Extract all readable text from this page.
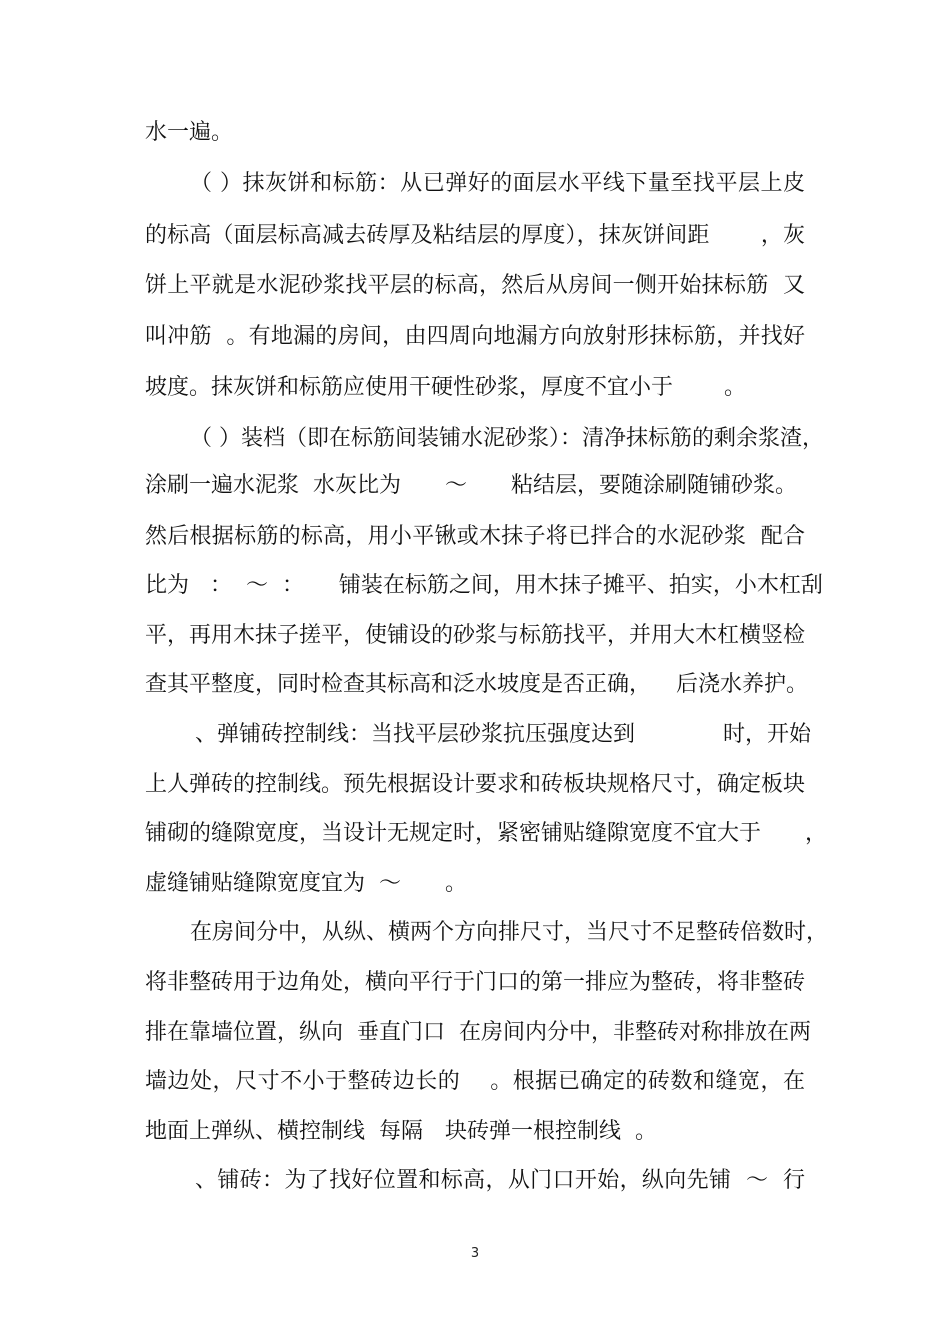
水一遍。
（ ）抹灰饼和标筋：从已弹好的面层水平线下量至找平层上皮
的标高（面层标高减去砖厚及粘结层的厚度），抹灰饼间距　　 ，灰
饼上平就是水泥砂浆找平层的标高，然后从房间一侧开始抹标筋  又
叫冲筋  。有地漏的房间，由四周向地漏方向放射形抹标筋，并找好
坡度。抹灰饼和标筋应使用干硬性砂浆，厚度不宜小于　　 。
（ ）装档（即在标筋间装铺水泥砂浆）：清净抹标筋的剩余浆渣，
涂刷一遍水泥浆  水灰比为　　～　　粘结层，要随涂刷随铺砂浆。
然后根据标筋的标高，用小平锹或木抹子将已拌合的水泥砂浆  配合
比为   ：  ～  ：     铺装在标筋之间，用木抹子摊平、拍实，小木杠刮
平，再用木抹子搓平，使铺设的砂浆与标筋找平，并用大木杠横竖检
查其平整度，同时检查其标高和泛水坡度是否正确，　  后浇水养护。
、弹铺砖控制线：当找平层砂浆抗压强度达到　　　　时，开始
上人弹砖的控制线。预先根据设计要求和砖板块规格尺寸，确定板块
铺砌的缝隙宽度，当设计无规定时，紧密铺贴缝隙宽度不宜大于　　，
虚缝铺贴缝隙宽度宜为  ～　　。
在房间分中，从纵、横两个方向排尺寸，当尺寸不足整砖倍数时，
将非整砖用于边角处，横向平行于门口的第一排应为整砖，将非整砖
排在靠墙位置，纵向  垂直门口  在房间内分中，非整砖对称排放在两
墙边处，尺寸不小于整砖边长的　 。根据已确定的砖数和缝宽，在
地面上弹纵、横控制线  每隔　块砖弹一根控制线  。
、铺砖：为了找好位置和标高，从门口开始，纵向先铺  ～  行
3
